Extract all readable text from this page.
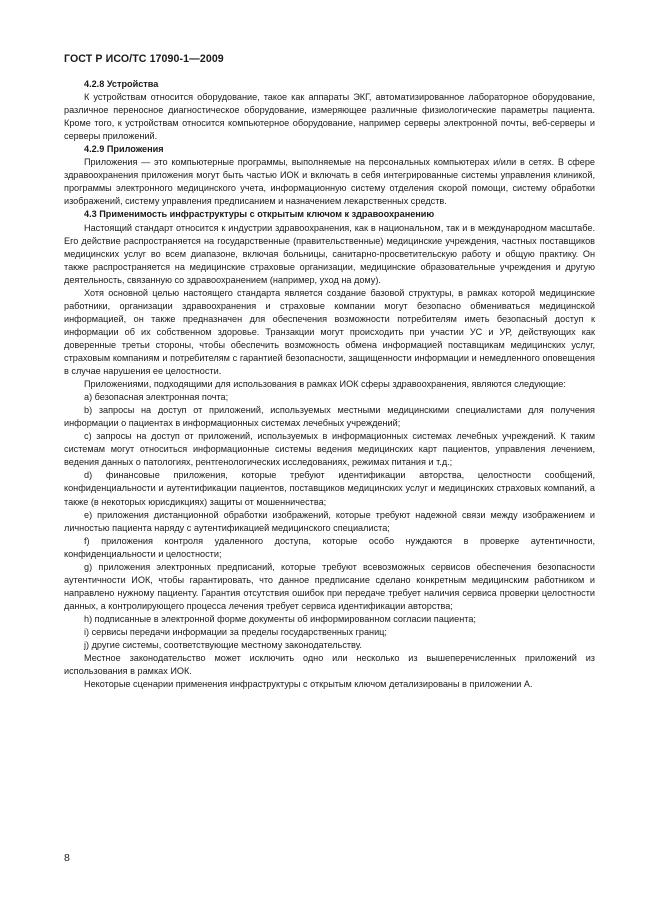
ГОСТ Р ИСО/ТС 17090-1—2009

4.2.8 Устройства

К устройствам относится оборудование, такое как аппараты ЭКГ, автоматизированное лабораторное оборудование, различное переносное диагностическое оборудование, измеряющее различные физиологические параметры пациента. Кроме того, к устройствам относится компьютерное оборудование, например серверы электронной почты, веб-серверы и серверы приложений.

4.2.9 Приложения

Приложения — это компьютерные программы, выполняемые на персональных компьютерах и/или в сетях. В сфере здравоохранения приложения могут быть частью ИОК и включать в себя интегрированные системы управления клиникой, программы электронного медицинского учета, информационную систему отделения скорой помощи, систему обработки изображений, систему управления предписанием и назначением лекарственных средств.

4.3 Применимость инфраструктуры с открытым ключом к здравоохранению

Настоящий стандарт относится к индустрии здравоохранения, как в национальном, так и в международном масштабе. Его действие распространяется на государственные (правительственные) медицинские учреждения, частных поставщиков медицинских услуг во всем диапазоне, включая больницы, санитарно-просветительскую работу и общую практику. Он также распространяется на медицинские страховые организации, медицинские образовательные учреждения и другую деятельность, связанную со здравоохранением (например, уход на дому).

Хотя основной целью настоящего стандарта является создание базовой структуры, в рамках которой медицинские работники, организации здравоохранения и страховые компании могут безопасно обмениваться медицинской информацией, он также предназначен для обеспечения возможности потребителям иметь безопасный доступ к информации об их собственном здоровье. Транзакции могут происходить при участии УС и УР, действующих как доверенные третьи стороны, чтобы обеспечить возможность обмена информацией поставщикам медицинских услуг, страховым компаниям и потребителям с гарантией безопасности, защищенности информации и немедленного оповещения в случае нарушения ее целостности.

Приложениями, подходящими для использования в рамках ИОК сферы здравоохранения, являются следующие:

a) безопасная электронная почта;

b) запросы на доступ от приложений, используемых местными медицинскими специалистами для получения информации о пациентах в информационных системах лечебных учреждений;

c) запросы на доступ от приложений, используемых в информационных системах лечебных учреждений. К таким системам могут относиться информационные системы ведения медицинских карт пациентов, управления лечением, ведения данных о патологиях, рентгенологических исследованиях, режимах питания и т.д.;

d) финансовые приложения, которые требуют идентификации авторства, целостности сообщений, конфиденциальности и аутентификации пациентов, поставщиков медицинских услуг и медицинских страховых компаний, а также (в некоторых юрисдикциях) защиты от мошенничества;

e) приложения дистанционной обработки изображений, которые требуют надежной связи между изображением и личностью пациента наряду с аутентификацией медицинского специалиста;

f) приложения контроля удаленного доступа, которые особо нуждаются в проверке аутентичности, конфиденциальности и целостности;

g) приложения электронных предписаний, которые требуют всевозможных сервисов обеспечения безопасности аутентичности ИОК, чтобы гарантировать, что данное предписание сделано конкретным медицинским работником и направлено нужному пациенту. Гарантия отсутствия ошибок при передаче требует наличия сервиса проверки целостности данных, а контролирующего процесса лечения требует сервиса идентификации авторства;

h) подписанные в электронной форме документы об информированном согласии пациента;

i) сервисы передачи информации за пределы государственных границ;

j) другие системы, соответствующие местному законодательству.

Местное законодательство может исключить одно или несколько из вышеперечисленных приложений из использования в рамках ИОК.

Некоторые сценарии применения инфраструктуры с открытым ключом детализированы в приложении А.

8
